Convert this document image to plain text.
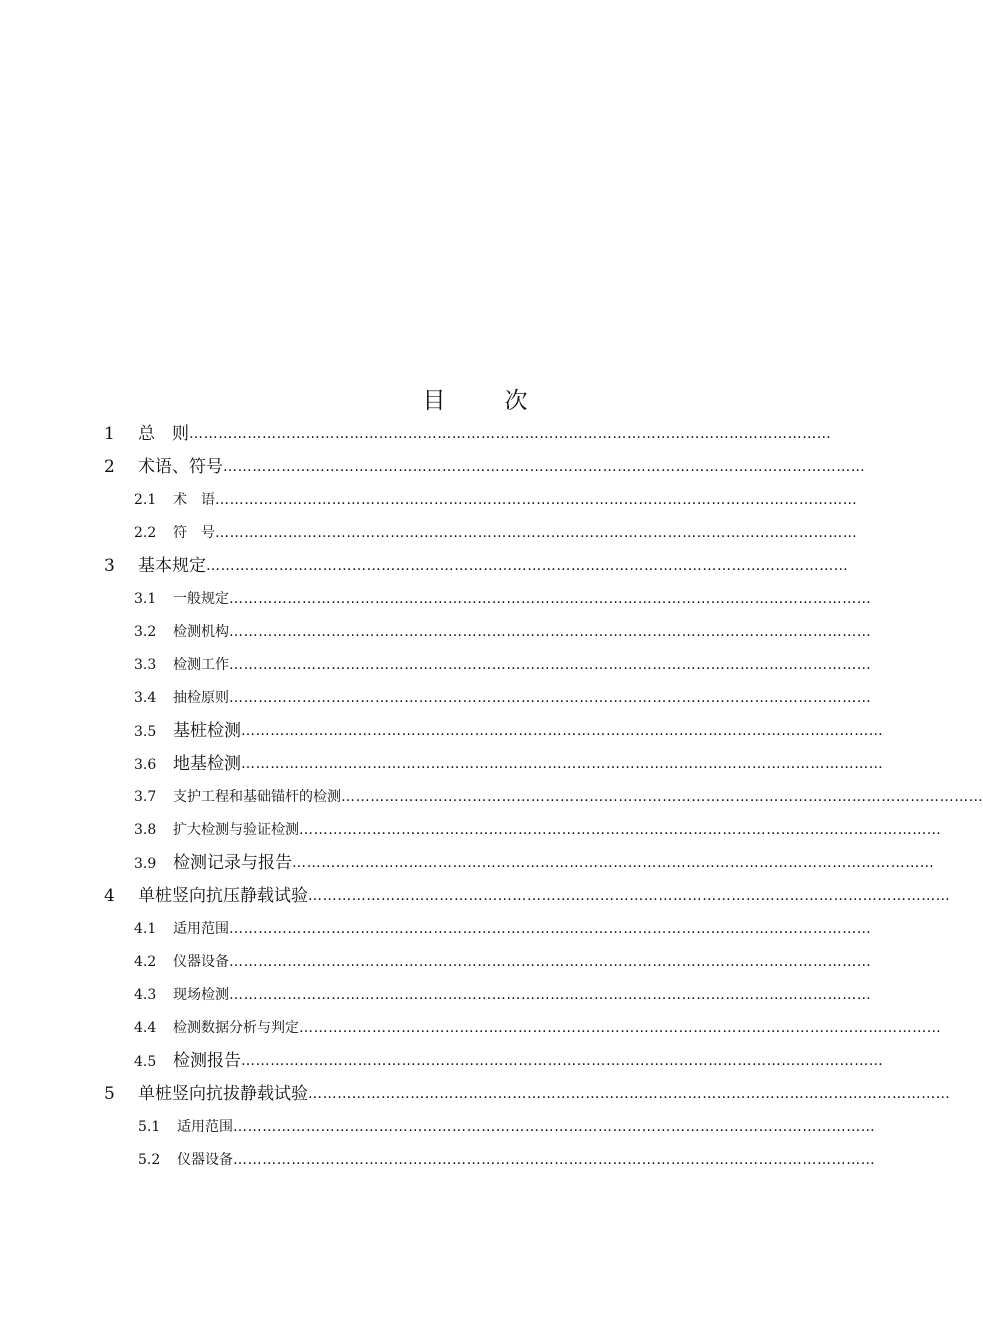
目　次
1 总　则 ……………………………………………………………………………………………………………………
2 术语、符号 ……………………………………………………………………………………………………………………
2.1 术　语 ……………………………………………………………………………………………………………………
2.2 符　号 ……………………………………………………………………………………………………………………
3 基本规定 ……………………………………………………………………………………………………………………
3.1 一般规定 ……………………………………………………………………………………………………………………
3.2 检测机构 ……………………………………………………………………………………………………………………
3.3 检测工作 ……………………………………………………………………………………………………………………
3.4 抽检原则 ……………………………………………………………………………………………………………………
3.5 基桩检测 ……………………………………………………………………………………………………………………
3.6 地基检测 ……………………………………………………………………………………………………………………
3.7 支护工程和基础锚杆的检测 ……………………………………………………………………………………………………………………
3.8 扩大检测与验证检测 ……………………………………………………………………………………………………………………
3.9 检测记录与报告 ……………………………………………………………………………………………………………………
4 单桩竖向抗压静载试验 ……………………………………………………………………………………………………………………
4.1 适用范围 ……………………………………………………………………………………………………………………
4.2 仪器设备 ……………………………………………………………………………………………………………………
4.3 现场检测 ……………………………………………………………………………………………………………………
4.4 检测数据分析与判定 ……………………………………………………………………………………………………………………
4.5 检测报告 ……………………………………………………………………………………………………………………
5 单桩竖向抗拔静载试验 ……………………………………………………………………………………………………………………
5.1 适用范围 ……………………………………………………………………………………………………………………
5.2 仪器设备 ……………………………………………………………………………………………………………………
